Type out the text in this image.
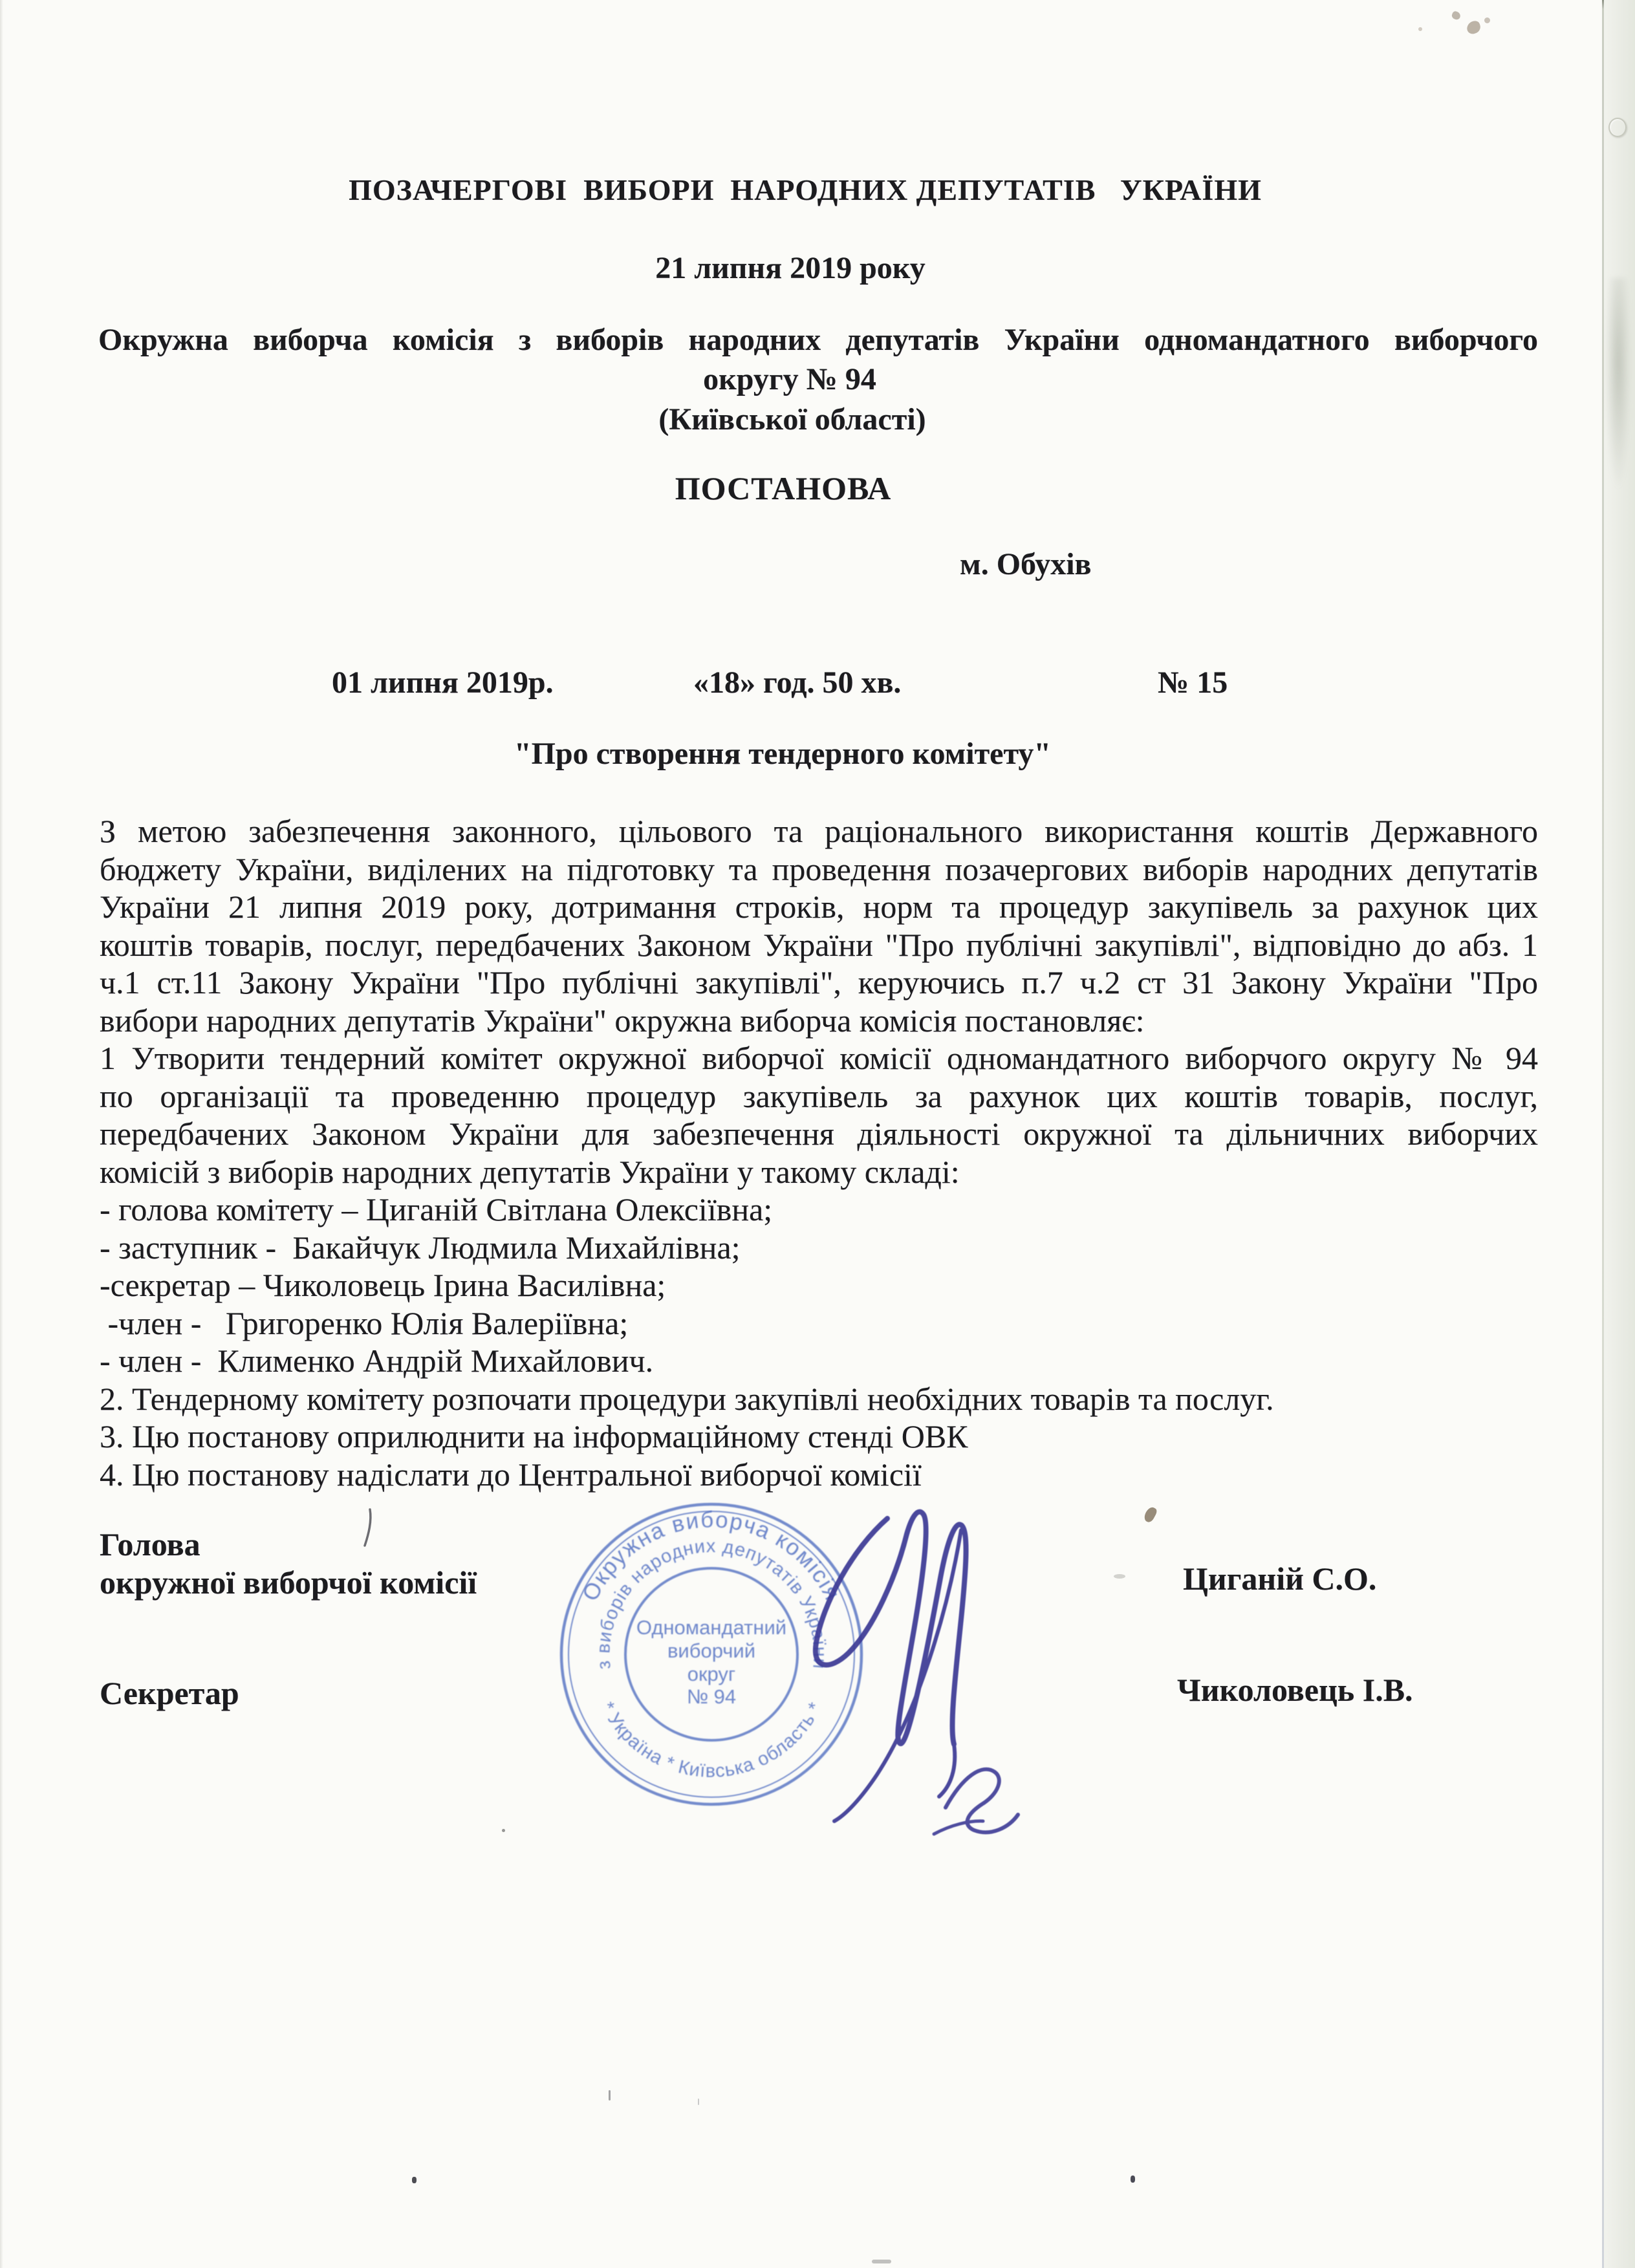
ПОЗАЧЕРГОВІ  ВИБОРИ  НАРОДНИХ ДЕПУТАТІВ   УКРАЇНИ
21 липня 2019 року
Окружна виборча комісія з виборів народних депутатів України одномандатного виборчого
округу № 94
(Київської області)
ПОСТАНОВА
м. Обухів
01 липня 2019р.	«18» год. 50 хв.	№ 15
"Про створення тендерного комітету"
З метою забезпечення законного, цільового та раціонального використання коштів Державного
бюджету України, виділених на підготовку та проведення позачергових виборів народних депутатів
України 21 липня 2019 року, дотримання строків, норм та процедур закупівель за рахунок цих
коштів товарів, послуг, передбачених Законом України "Про публічні закупівлі", відповідно до абз. 1
ч.1 ст.11 Закону України "Про публічні закупівлі", керуючись п.7 ч.2 ст 31 Закону України "Про
вибори народних депутатів України" окружна виборча комісія постановляє:
1 Утворити тендерний комітет окружної виборчої комісії одномандатного виборчого округу № 94
по організації та проведенню процедур закупівель за рахунок цих коштів товарів, послуг,
передбачених Законом України для забезпечення діяльності окружної та дільничних виборчих
комісій з виборів народних депутатів України у такому складі:
- голова комітету – Циганій Світлана Олексіївна;
- заступник -  Бакайчук Людмила Михайлівна;
-секретар – Чиколовець Ірина Василівна;
-член -   Григоренко Юлія Валеріївна;
- член -  Клименко Андрій Михайлович.
2. Тендерному комітету розпочати процедури закупівлі необхідних товарів та послуг.
3. Цю постанову оприлюднити на інформаційному стенді ОВК
4. Цю постанову надіслати до Центральної виборчої комісії
Голова
окружної виборчої комісії	Циганій С.О.
Секретар	Чиколовець І.В.
Окружна виборча комісія
з виборів народних депутатів України
* Україна * Київська область *
Одномандатний
виборчий
округ
№ 94
